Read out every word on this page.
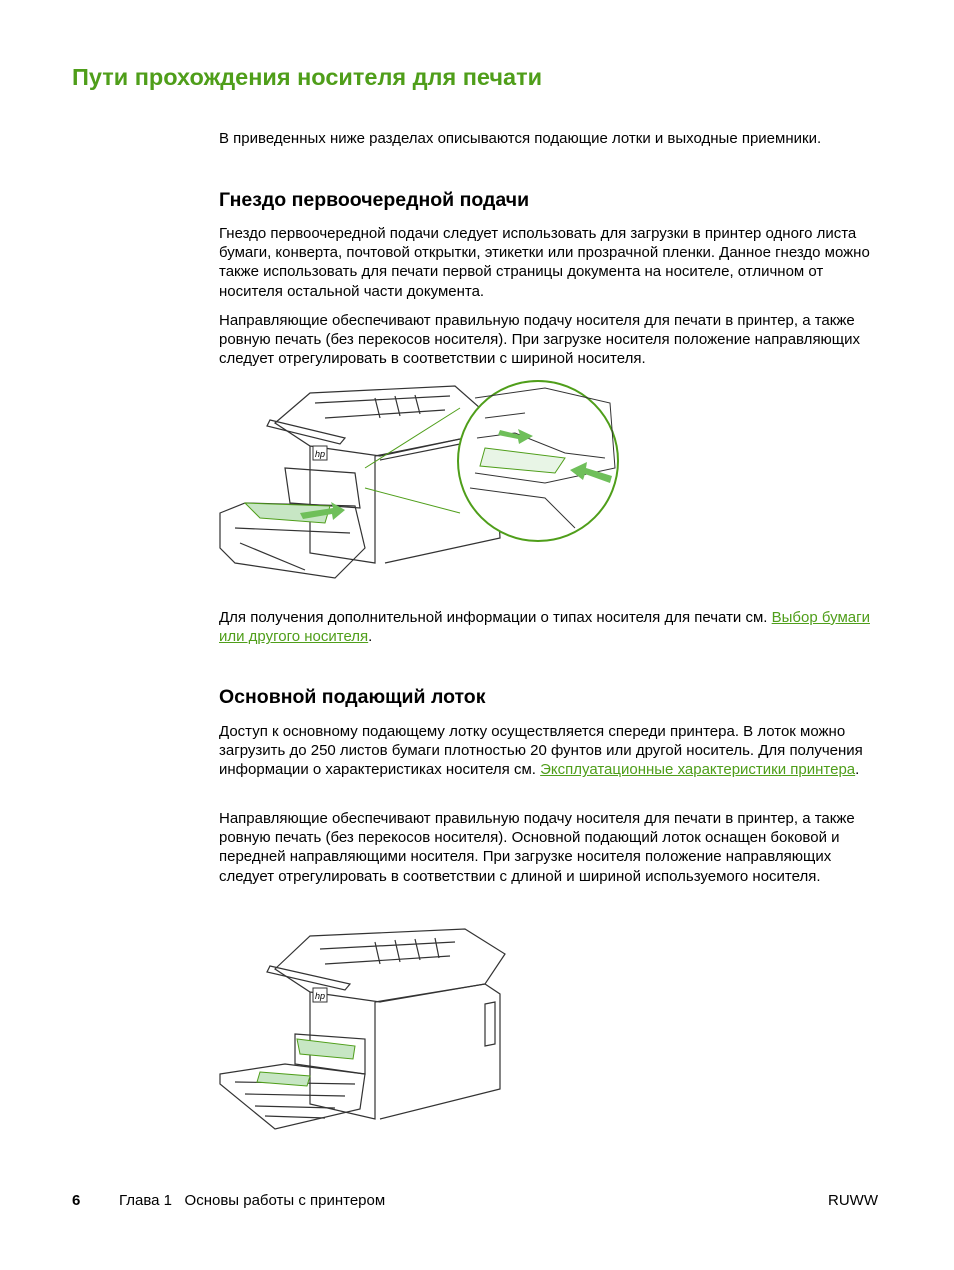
Пути прохождения носителя для печати

В приведенных ниже разделах описываются подающие лотки и выходные приемники.

Гнездо первоочередной подачи

Гнездо первоочередной подачи следует использовать для загрузки в принтер одного листа бумаги, конверта, почтовой открытки, этикетки или прозрачной пленки. Данное гнездо можно также использовать для печати первой страницы документа на носителе, отличном от носителя остальной части документа.

Направляющие обеспечивают правильную подачу носителя для печати в принтер, а также ровную печать (без перекосов носителя). При загрузке носителя положение направляющих следует отрегулировать в соответствии с шириной носителя.

hp

Для получения дополнительной информации о типах носителя для печати см. Выбор бумаги или другого носителя.

Основной подающий лоток

Доступ к основному подающему лотку осуществляется спереди принтера. В лоток можно загрузить до 250 листов бумаги плотностью 20 фунтов или другой носитель. Для получения информации о характеристиках носителя см. Эксплуатационные характеристики принтера.

Направляющие обеспечивают правильную подачу носителя для печати в принтер, а также ровную печать (без перекосов носителя). Основной подающий лоток оснащен боковой и передней направляющими носителя. При загрузке носителя положение направляющих следует отрегулировать в соответствии с длиной и шириной используемого носителя.

hp
6	Глава 1   Основы работы с принтером	RUWW
